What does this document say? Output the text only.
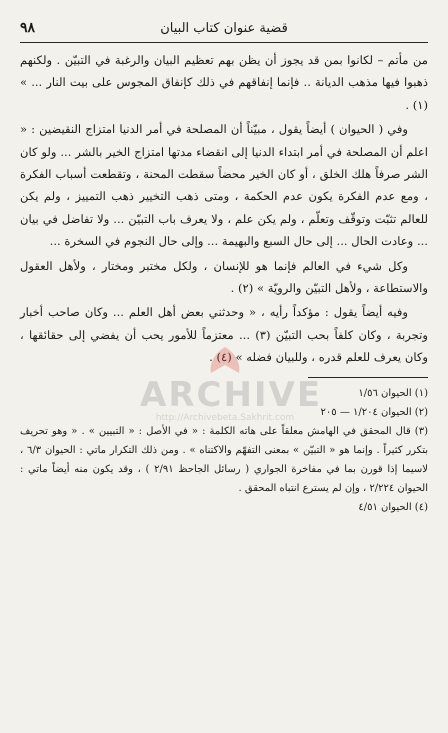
٩٨	قضية عنوان كتاب البيان

من مأتم – لكانوا بمن قد يجوز أن يظن بهم تعظيم البيان والرغبة في التبيّن . ولكنهم ذهبوا فيها مذهب الديانة .. فإنما إنفاقهم في ذلك كإنفاق المجوس على بيت النار ... » (١) .

وفي ( الحيوان ) أيضاً يقول ، مبيّناً أن المصلحة في أمر الدنيا امتزاج النقيضين : « اعلم أن المصلحة في أمر ابتداء الدنيا إلى انقضاء مدتها امتزاج الخير بالشر ... ولو كان الشر صرفاً هلك الخلق ، أو كان الخير محضاً سقطت المحنة ، وتقطعت أسباب الفكرة ، ومع عدم الفكرة يكون عدم الحكمة ، ومتى ذهب التخيير ذهب التمييز ، ولم يكن للعالم تثبّت وتوقّف وتعلّم ، ولم يكن علم ، ولا يعرف باب التبيّن ... ولا تفاضل في بيان ... وعادت الحال ... إلى حال السبع والبهيمة ... وإلى حال النجوم في السخرة ...

وكل شيء في العالم فإنما هو للإنسان ، ولكل مختبر ومختار ، ولأهل العقول والاستطاعة ، ولأهل التبيّن والرويّة » (٢) .

وفيه أيضاً يقول : مؤكداً رأيه ، « وحدثني بعض أهل العلم ... وكان صاحب أخبار وتجربة ، وكان كلفاً بحب التبيّن (٣) ... معتزماً للأمور يحب أن يفضي إلى حقائقها ، وكان يعرف للعلم قدره ، وللبيان فضله » (٤) .

(١) الحيوان ١/٥٦

(٢) الحيوان ١/٢٠٤ — ٢٠٥

(٣) قال المحقق في الهامش معلقاً على هاته الكلمة : « في الأصل : « التبيين » . « وهو تحريف بتكرر كثيراً . وإنما هو « التبيّن » بمعنى التفهّم والاكتناه » . ومن ذلك التكرار ماتي : الحيوان ٦/٣ ، لاسيما إذا قورن بما في مفاخرة الجواري ( رسائل الجاحظ ٢/٩١ ) ، وقد يكون منه أيضاً ماتي : الحيوان ٢/٢٢٤ ، وإن لم يسترع انتباه المحقق .

(٤) الحيوان ٤/٥١

ARCHIVE
http://Archivebeta.Sakhrit.com
